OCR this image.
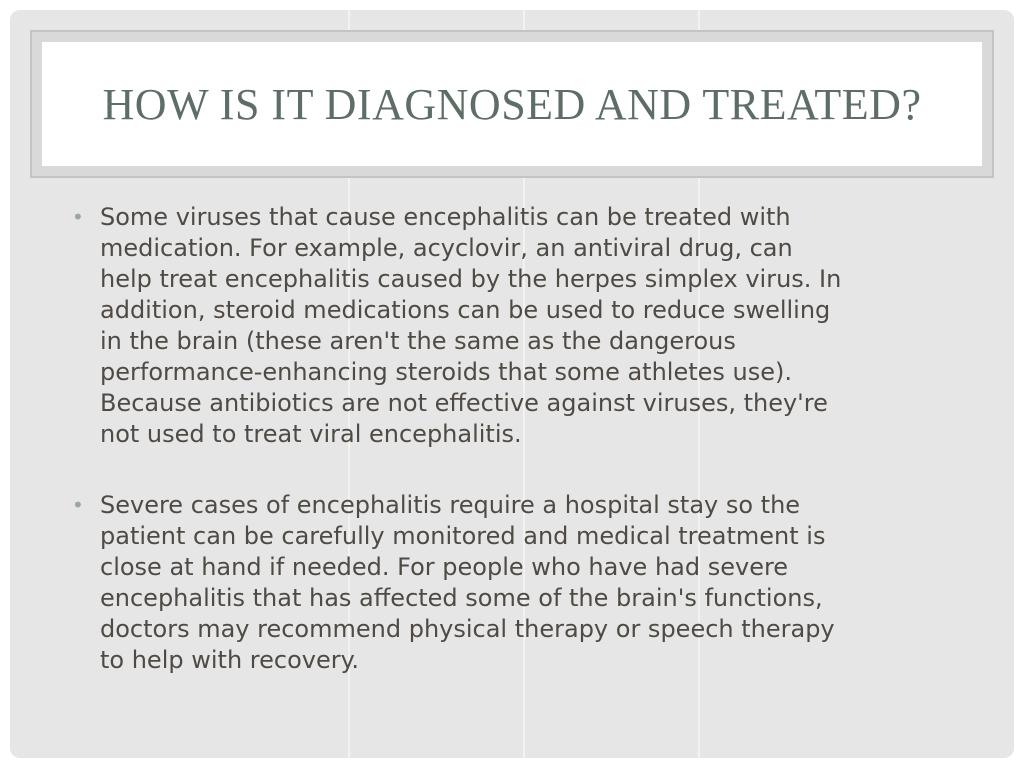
HOW IS IT DIAGNOSED AND TREATED?
• Some viruses that cause encephalitis can be treated with
medication. For example, acyclovir, an antiviral drug, can
help treat encephalitis caused by the herpes simplex virus. In
addition, steroid medications can be used to reduce swelling
in the brain (these aren't the same as the dangerous
performance-enhancing steroids that some athletes use).
Because antibiotics are not effective against viruses, they're
not used to treat viral encephalitis.
• Severe cases of encephalitis require a hospital stay so the
patient can be carefully monitored and medical treatment is
close at hand if needed. For people who have had severe
encephalitis that has affected some of the brain's functions,
doctors may recommend physical therapy or speech therapy
to help with recovery.
